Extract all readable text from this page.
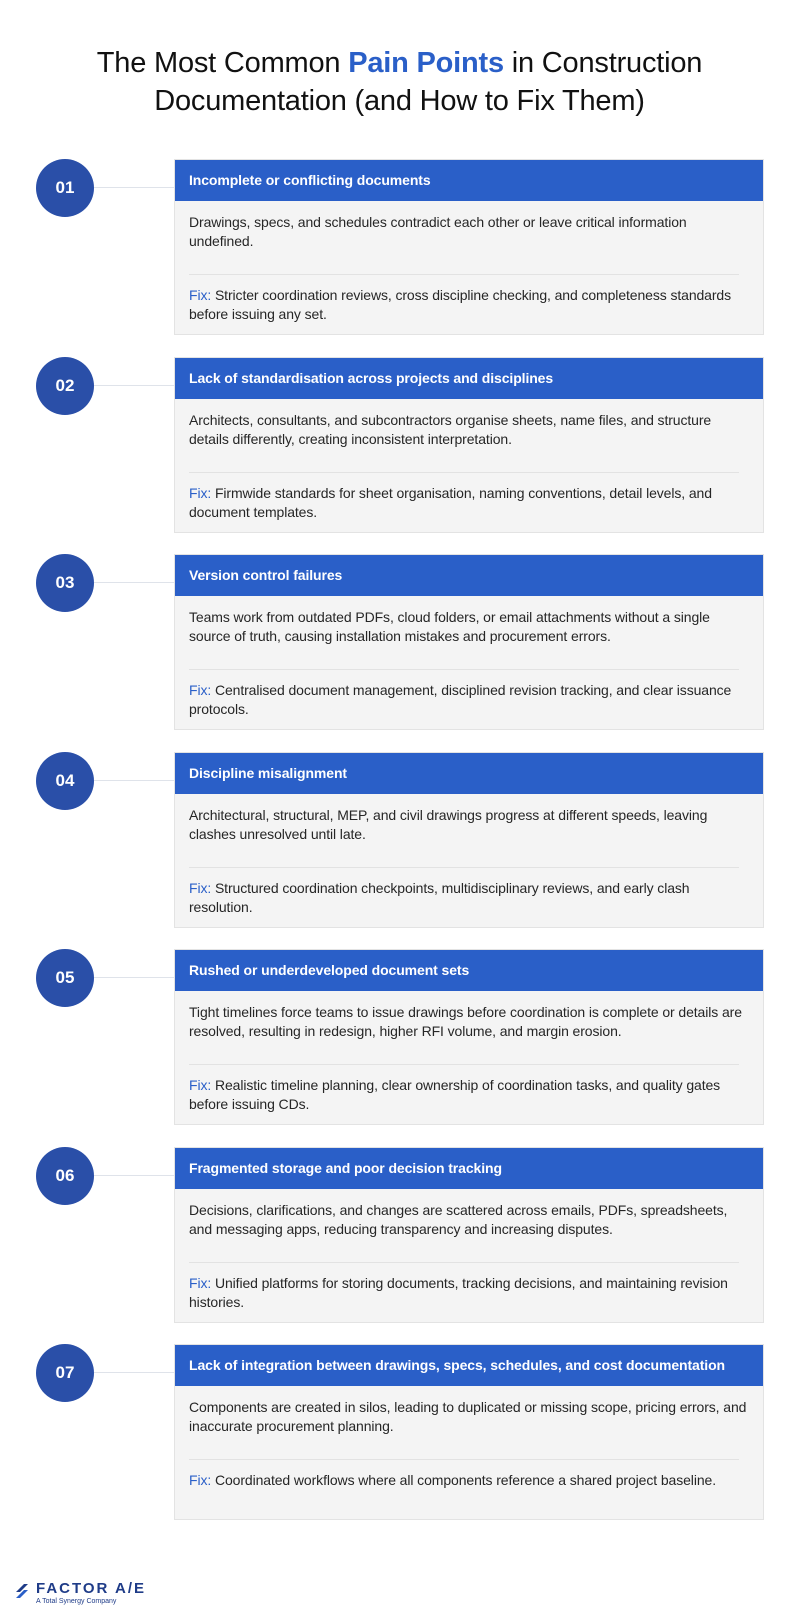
The Most Common Pain Points in Construction
Documentation (and How to Fix Them)
01	Incomplete or conflicting documents
Drawings, specs, and schedules contradict each other or leave critical information undefined.
Fix: Stricter coordination reviews, cross discipline checking, and completeness standards before issuing any set.
02	Lack of standardisation across projects and disciplines
Architects, consultants, and subcontractors organise sheets, name files, and structure details differently, creating inconsistent interpretation.
Fix: Firmwide standards for sheet organisation, naming conventions, detail levels, and document templates.
03	Version control failures
Teams work from outdated PDFs, cloud folders, or email attachments without a single source of truth, causing installation mistakes and procurement errors.
Fix: Centralised document management, disciplined revision tracking, and clear issuance protocols.
04	Discipline misalignment
Architectural, structural, MEP, and civil drawings progress at different speeds, leaving clashes unresolved until late.
Fix: Structured coordination checkpoints, multidisciplinary reviews, and early clash resolution.
05	Rushed or underdeveloped document sets
Tight timelines force teams to issue drawings before coordination is complete or details are resolved, resulting in redesign, higher RFI volume, and margin erosion.
Fix: Realistic timeline planning, clear ownership of coordination tasks, and quality gates before issuing CDs.
06	Fragmented storage and poor decision tracking
Decisions, clarifications, and changes are scattered across emails, PDFs, spreadsheets, and messaging apps, reducing transparency and increasing disputes.
Fix: Unified platforms for storing documents, tracking decisions, and maintaining revision histories.
07	Lack of integration between drawings, specs, schedules, and cost documentation
Components are created in silos, leading to duplicated or missing scope, pricing errors, and inaccurate procurement planning.
Fix: Coordinated workflows where all components reference a shared project baseline.
FACTOR A/E
A Total Synergy Company
